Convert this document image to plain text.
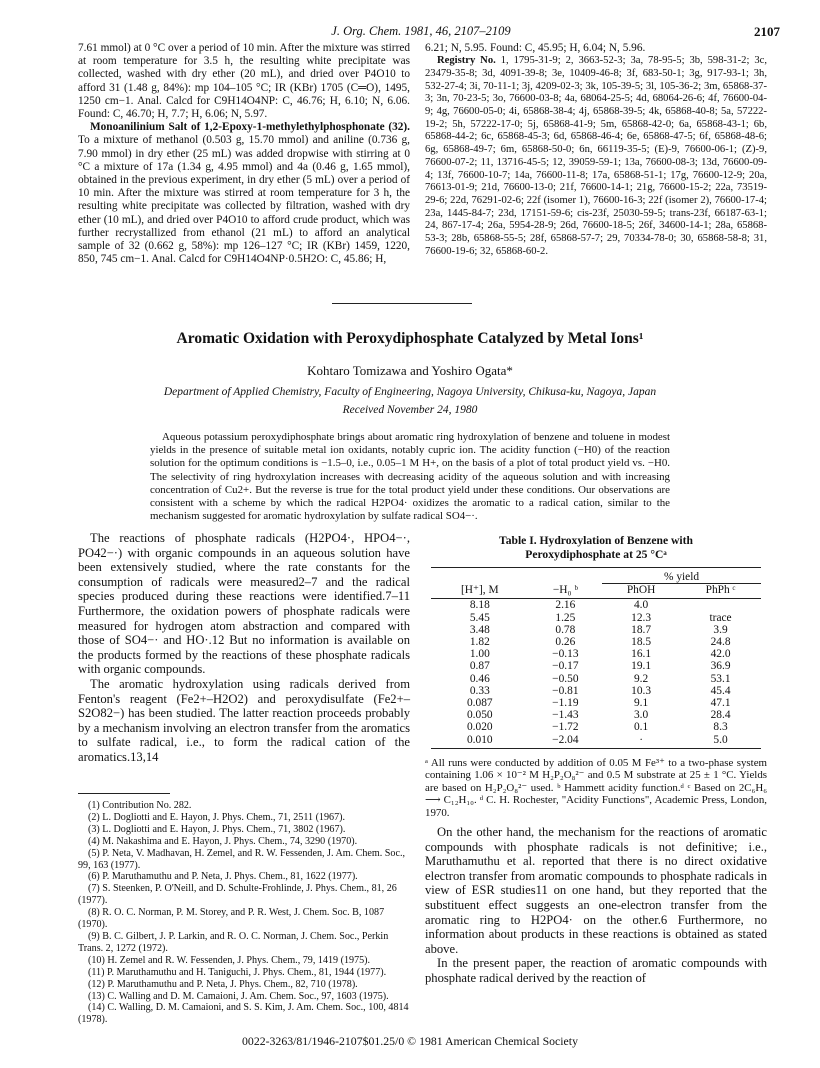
J. Org. Chem. 1981, 46, 2107–2109	2107

7.61 mmol) at 0 °C over a period of 10 min. After the mixture was stirred at room temperature for 3.5 h, the resulting white precipitate was collected, washed with dry ether (20 mL), and dried over P4O10 to afford 31 (1.48 g, 84%): mp 104–105 °C; IR (KBr) 1705 (C═O), 1495, 1250 cm−1. Anal. Calcd for C9H14O4NP: C, 46.76; H, 6.10; N, 6.06. Found: C, 46.70; H, 7.7; H, 6.06; N, 5.97.

Monoanilinium Salt of 1,2-Epoxy-1-methylethylphosphonate (32). To a mixture of methanol (0.503 g, 15.70 mmol) and aniline (0.736 g, 7.90 mmol) in dry ether (25 mL) was added dropwise with stirring at 0 °C a mixture of 17a (1.34 g, 4.95 mmol) and 4a (0.46 g, 1.65 mmol), obtained in the previous experiment, in dry ether (5 mL) over a period of 10 min. After the mixture was stirred at room temperature for 3 h, the resulting white precipitate was collected by filtration, washed with dry ether (10 mL), and dried over P4O10 to afford crude product, which was further recrystallized from ethanol (21 mL) to afford an analytical sample of 32 (0.662 g, 58%): mp 126–127 °C; IR (KBr) 1459, 1220, 850, 745 cm−1. Anal. Calcd for C9H14O4NP·0.5H2O: C, 45.86; H,

6.21; N, 5.95. Found: C, 45.95; H, 6.04; N, 5.96.

Registry No. 1, 1795-31-9; 2, 3663-52-3; 3a, 78-95-5; 3b, 598-31-2; 3c, 23479-35-8; 3d, 4091-39-8; 3e, 10409-46-8; 3f, 683-50-1; 3g, 917-93-1; 3h, 532-27-4; 3i, 70-11-1; 3j, 4209-02-3; 3k, 105-39-5; 3l, 105-36-2; 3m, 65868-37-3; 3n, 70-23-5; 3o, 76600-03-8; 4a, 68064-25-5; 4d, 68064-26-6; 4f, 76600-04-9; 4g, 76600-05-0; 4i, 65868-38-4; 4j, 65868-39-5; 4k, 65868-40-8; 5a, 57222-19-2; 5h, 57222-17-0; 5j, 65868-41-9; 5m, 65868-42-0; 6a, 65868-43-1; 6b, 65868-44-2; 6c, 65868-45-3; 6d, 65868-46-4; 6e, 65868-47-5; 6f, 65868-48-6; 6g, 65868-49-7; 6m, 65868-50-0; 6n, 66119-35-5; (E)-9, 76600-06-1; (Z)-9, 76600-07-2; 11, 13716-45-5; 12, 39059-59-1; 13a, 76600-08-3; 13d, 76600-09-4; 13f, 76600-10-7; 14a, 76600-11-8; 17a, 65868-51-1; 17g, 76600-12-9; 20a, 76613-01-9; 21d, 76600-13-0; 21f, 76600-14-1; 21g, 76600-15-2; 22a, 73519-29-6; 22d, 76291-02-6; 22f (isomer 1), 76600-16-3; 22f (isomer 2), 76600-17-4; 23a, 1445-84-7; 23d, 17151-59-6; cis-23f, 25030-59-5; trans-23f, 66187-63-1; 24, 867-17-4; 26a, 5954-28-9; 26d, 76600-18-5; 26f, 34600-14-1; 28a, 65868-53-3; 28b, 65868-55-5; 28f, 65868-57-7; 29, 70334-78-0; 30, 65868-58-8; 31, 76600-19-6; 32, 65868-60-2.

Aromatic Oxidation with Peroxydiphosphate Catalyzed by Metal Ions¹
Kohtaro Tomizawa and Yoshiro Ogata*
Department of Applied Chemistry, Faculty of Engineering, Nagoya University, Chikusa-ku, Nagoya, Japan
Received November 24, 1980

Aqueous potassium peroxydiphosphate brings about aromatic ring hydroxylation of benzene and toluene in modest yields in the presence of suitable metal ion oxidants, notably cupric ion. The acidity function (−H0) of the reaction solution for the optimum conditions is −1.5–0, i.e., 0.05–1 M H+, on the basis of a plot of total product yield vs. −H0. The selectivity of ring hydroxylation increases with decreasing acidity of the aqueous solution and with increasing concentration of Cu2+. But the reverse is true for the total product yield under these conditions. Our observations are consistent with a scheme by which the radical H2PO4· oxidizes the aromatic to a radical cation, similar to the mechanism suggested for aromatic hydroxylation by sulfate radical SO4−·.

The reactions of phosphate radicals (H2PO4·, HPO4−·, PO42−·) with organic compounds in an aqueous solution have been extensively studied, where the rate constants for the consumption of radicals were measured2–7 and the radical species produced during these reactions were identified.7–11 Furthermore, the oxidation powers of phosphate radicals were measured for hydrogen atom abstraction and compared with those of SO4−· and HO·.12 But no information is available on the products formed by the reactions of these phosphate radicals with organic compounds.

The aromatic hydroxylation using radicals derived from Fenton's reagent (Fe2+–H2O2) and peroxydisulfate (Fe2+–S2O82−) has been studied. The latter reaction proceeds probably by a mechanism involving an electron transfer from the aromatics to sulfate radical, i.e., to form the radical cation of the aromatics.13,14

(1) Contribution No. 282.
(2) L. Dogliotti and E. Hayon, J. Phys. Chem., 71, 2511 (1967).
(3) L. Dogliotti and E. Hayon, J. Phys. Chem., 71, 3802 (1967).
(4) M. Nakashima and E. Hayon, J. Phys. Chem., 74, 3290 (1970).
(5) P. Neta, V. Madhavan, H. Zemel, and R. W. Fessenden, J. Am. Chem. Soc., 99, 163 (1977).
(6) P. Maruthamuthu and P. Neta, J. Phys. Chem., 81, 1622 (1977).
(7) S. Steenken, P. O'Neill, and D. Schulte-Frohlinde, J. Phys. Chem., 81, 26 (1977).
(8) R. O. C. Norman, P. M. Storey, and P. R. West, J. Chem. Soc. B, 1087 (1970).
(9) B. C. Gilbert, J. P. Larkin, and R. O. C. Norman, J. Chem. Soc., Perkin Trans. 2, 1272 (1972).
(10) H. Zemel and R. W. Fessenden, J. Phys. Chem., 79, 1419 (1975).
(11) P. Maruthamuthu and H. Taniguchi, J. Phys. Chem., 81, 1944 (1977).
(12) P. Maruthamuthu and P. Neta, J. Phys. Chem., 82, 710 (1978).
(13) C. Walling and D. M. Camaioni, J. Am. Chem. Soc., 97, 1603 (1975).
(14) C. Walling, D. M. Camaioni, and S. S. Kim, J. Am. Chem. Soc., 100, 4814 (1978).
Table I. Hydroxylation of Benzene with
Peroxydiphosphate at 25 °Cᵃ

		% yield	
[H⁺], M	−H₀ ᵇ	PhOH	PhPh ᶜ

8.18	2.16	4.0	
5.45	1.25	12.3	trace
3.48	0.78	18.7	3.9
1.82	0.26	18.5	24.8
1.00	−0.13	16.1	42.0
0.87	−0.17	19.1	36.9
0.46	−0.50	9.2	53.1
0.33	−0.81	10.3	45.4
0.087	−1.19	9.1	47.1
0.050	−1.43	3.0	28.4
0.020	−1.72	0.1	8.3
0.010	−2.04	·	5.0

ᵃ All runs were conducted by addition of 0.05 M Fe³⁺ to a two-phase system containing 1.06 × 10⁻² M H₂P₂O₈²⁻ and 0.5 M substrate at 25 ± 1 °C. Yields are based on H₂P₂O₈²⁻ used. ᵇ Hammett acidity function.ᵈ ᶜ Based on 2C₆H₆ ⟶ C₁₂H₁₀. ᵈ C. H. Rochester, "Acidity Functions", Academic Press, London, 1970.

On the other hand, the mechanism for the reactions of aromatic compounds with phosphate radicals is not definitive; i.e., Maruthamuthu et al. reported that there is no direct oxidative electron transfer from aromatic compounds to phosphate radicals in view of ESR studies11 on one hand, but they reported that the substituent effect suggests an one-electron transfer from the aromatic ring to H2PO4· on the other.6 Furthermore, no information about products in these reactions is obtained as stated above.

In the present paper, the reaction of aromatic compounds with phosphate radical derived by the reaction of

0022-3263/81/1946-2107$01.25/0 © 1981 American Chemical Society
